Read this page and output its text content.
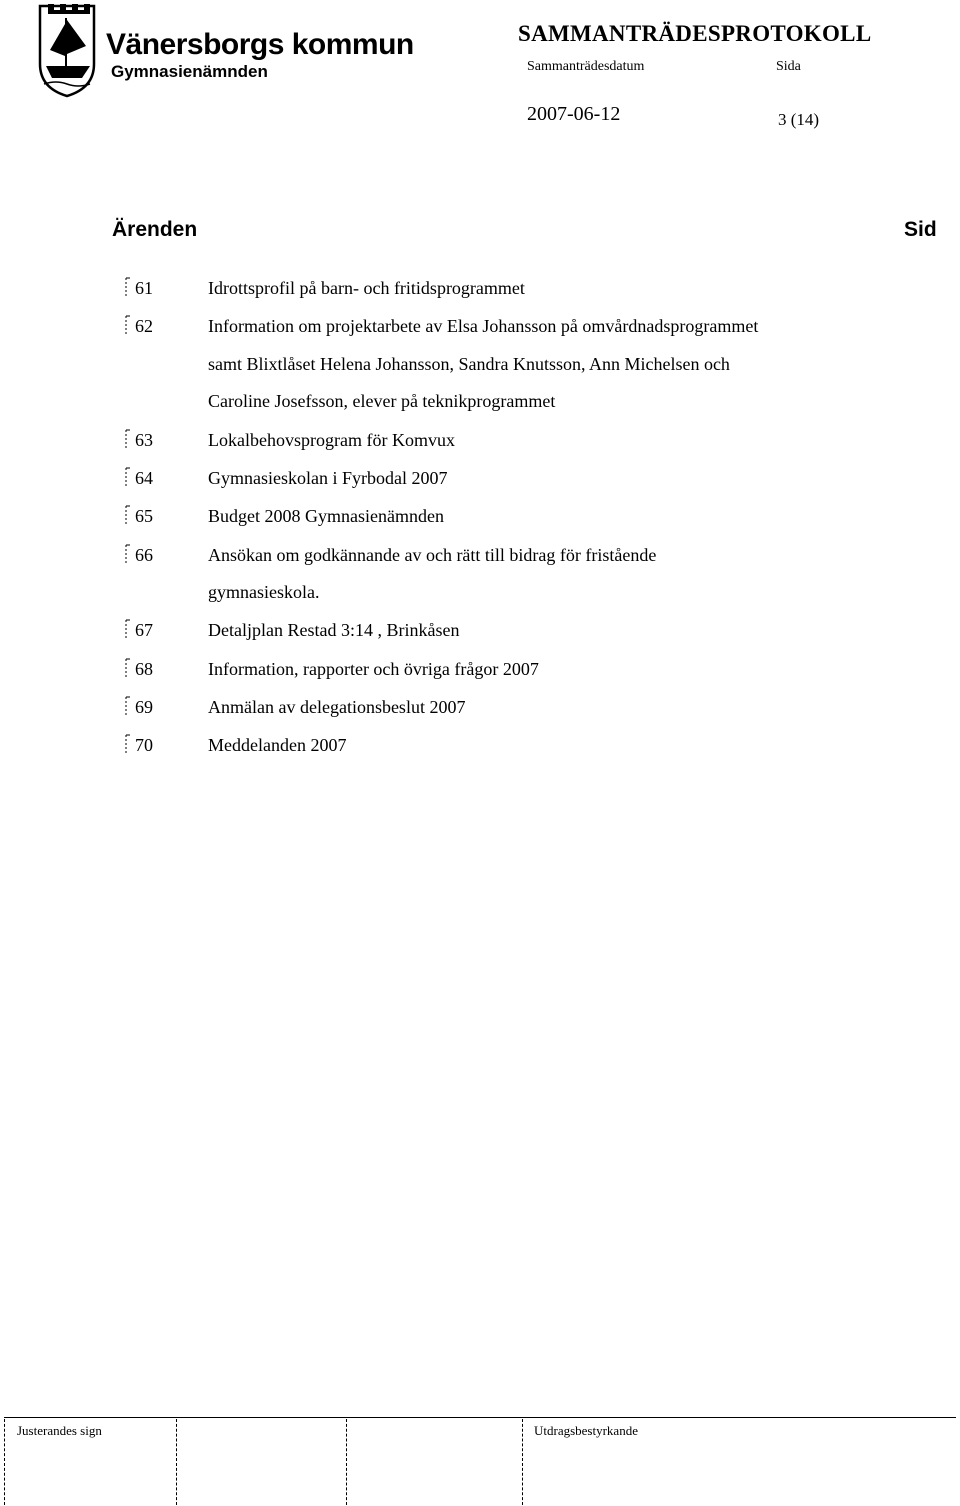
Vänersborgs kommun
Gymnasienämnden
SAMMANTRÄDESPROTOKOLL
Sammanträdesdatum	Sida
2007-06-12	3 (14)
Ärenden	Sid
61	Idrottsprofil på barn- och fritidsprogrammet
62	Information om projektarbete av Elsa Johansson på omvårdnadsprogrammet
samt Blixtlåset Helena Johansson, Sandra Knutsson, Ann Michelsen och
Caroline Josefsson, elever på teknikprogrammet
63	Lokalbehovsprogram för Komvux
64	Gymnasieskolan i Fyrbodal 2007
65	Budget 2008 Gymnasienämnden
66	Ansökan om godkännande av och rätt till bidrag för fristående
gymnasieskola.
67	Detaljplan Restad 3:14 , Brinkåsen
68	Information, rapporter och övriga frågor 2007
69	Anmälan av delegationsbeslut 2007
70	Meddelanden 2007
Justerandes sign	Utdragsbestyrkande
